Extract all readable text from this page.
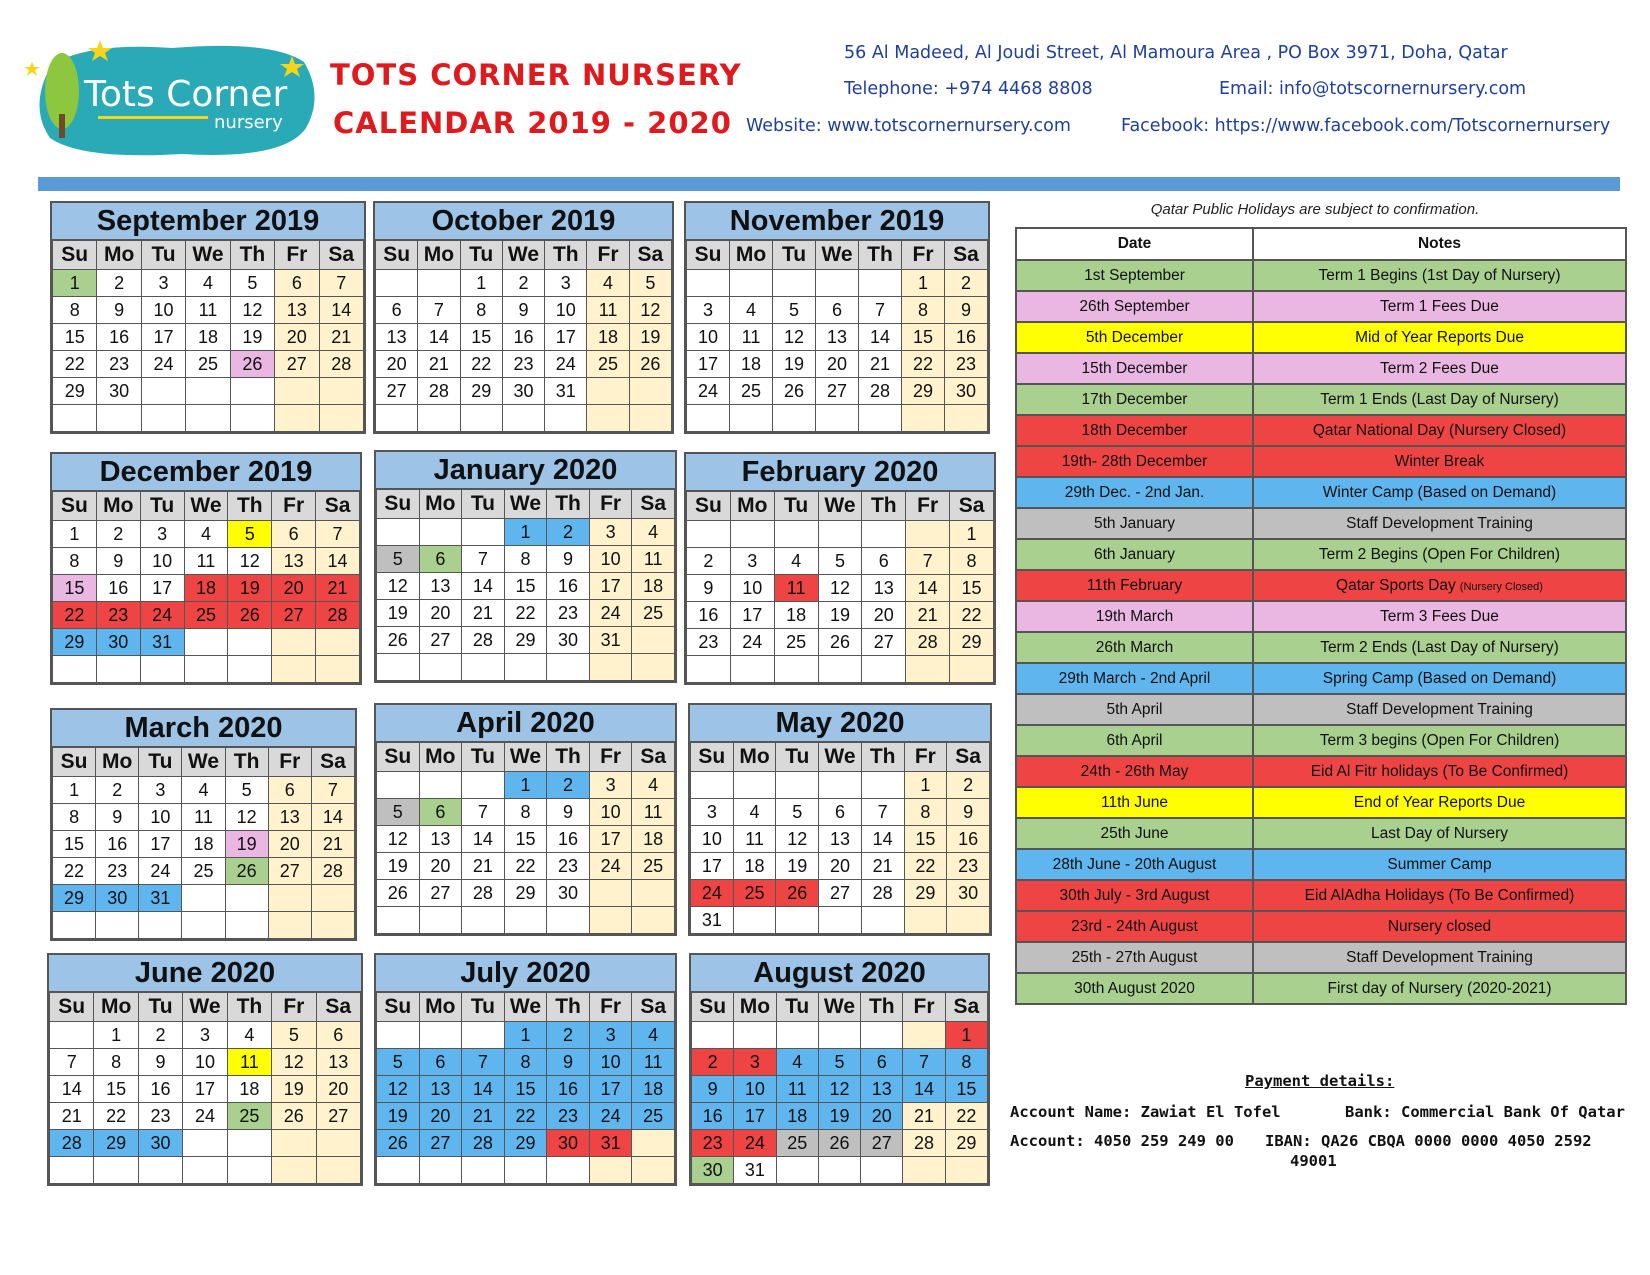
Tots Corner
nursery
TOTS CORNER NURSERY
CALENDAR 2019 - 2020
56 Al Madeed, Al Joudi Street, Al Mamoura Area , PO Box 3971, Doha, Qatar
Telephone: +974 4468 8808	Email: info@totscornernursery.com
Website: www.totscornernursery.com	Facebook: https://www.facebook.com/Totscornernursery
September 2019
Su	Mo	Tu	We	Th	Fr	Sa
1	2	3	4	5	6	7
8	9	10	11	12	13	14
15	16	17	18	19	20	21
22	23	24	25	26	27	28
29	30					

October 2019
Su	Mo	Tu	We	Th	Fr	Sa
		1	2	3	4	5
6	7	8	9	10	11	12
13	14	15	16	17	18	19
20	21	22	23	24	25	26
27	28	29	30	31		

November 2019
Su	Mo	Tu	We	Th	Fr	Sa
					1	2
3	4	5	6	7	8	9
10	11	12	13	14	15	16
17	18	19	20	21	22	23
24	25	26	27	28	29	30

December 2019
Su	Mo	Tu	We	Th	Fr	Sa
1	2	3	4	5	6	7
8	9	10	11	12	13	14
15	16	17	18	19	20	21
22	23	24	25	26	27	28
29	30	31				

January 2020
Su	Mo	Tu	We	Th	Fr	Sa
			1	2	3	4
5	6	7	8	9	10	11
12	13	14	15	16	17	18
19	20	21	22	23	24	25
26	27	28	29	30	31	

February 2020
Su	Mo	Tu	We	Th	Fr	Sa
						1
2	3	4	5	6	7	8
9	10	11	12	13	14	15
16	17	18	19	20	21	22
23	24	25	26	27	28	29

March 2020
Su	Mo	Tu	We	Th	Fr	Sa
1	2	3	4	5	6	7
8	9	10	11	12	13	14
15	16	17	18	19	20	21
22	23	24	25	26	27	28
29	30	31				

April 2020
Su	Mo	Tu	We	Th	Fr	Sa
			1	2	3	4
5	6	7	8	9	10	11
12	13	14	15	16	17	18
19	20	21	22	23	24	25
26	27	28	29	30		

May 2020
Su	Mo	Tu	We	Th	Fr	Sa
					1	2
3	4	5	6	7	8	9
10	11	12	13	14	15	16
17	18	19	20	21	22	23
24	25	26	27	28	29	30
31						
June 2020
Su	Mo	Tu	We	Th	Fr	Sa
	1	2	3	4	5	6
7	8	9	10	11	12	13
14	15	16	17	18	19	20
21	22	23	24	25	26	27
28	29	30				

July 2020
Su	Mo	Tu	We	Th	Fr	Sa
			1	2	3	4
5	6	7	8	9	10	11
12	13	14	15	16	17	18
19	20	21	22	23	24	25
26	27	28	29	30	31	

August 2020
Su	Mo	Tu	We	Th	Fr	Sa
						1
2	3	4	5	6	7	8
9	10	11	12	13	14	15
16	17	18	19	20	21	22
23	24	25	26	27	28	29
30	31					
Qatar Public Holidays are subject to confirmation.
Date	Notes
1st September	Term 1 Begins (1st Day of Nursery)
26th September	Term 1 Fees Due
5th December	Mid of Year Reports Due
15th December	Term 2 Fees Due
17th December	Term 1 Ends (Last Day of Nursery)
18th December	Qatar National Day (Nursery Closed)
19th- 28th December	Winter Break
29th Dec. - 2nd Jan.	Winter Camp (Based on Demand)
5th January	Staff Development Training
6th January	Term 2 Begins (Open For Children)
11th February	Qatar Sports Day (Nursery Closed)
19th March	Term 3 Fees Due
26th March	Term 2 Ends (Last Day of Nursery)
29th March - 2nd April	Spring Camp (Based on Demand)
5th April	Staff Development Training
6th April	Term 3 begins (Open For Children)
24th - 26th May	Eid Al Fitr holidays (To Be Confirmed)
11th June	End of Year Reports Due
25th June	Last Day of Nursery
28th June - 20th August	Summer Camp
30th July - 3rd August	Eid AlAdha Holidays (To Be Confirmed)
23rd - 24th August	Nursery closed
25th - 27th August	Staff Development Training
30th August 2020	First day of Nursery (2020-2021)
Payment details:
Account Name: Zawiat El Tofel	Bank: Commercial Bank Of Qatar
Account: 4050 259 249 00 IBAN: QA26 CBQA 0000 0000 4050 2592
49001
